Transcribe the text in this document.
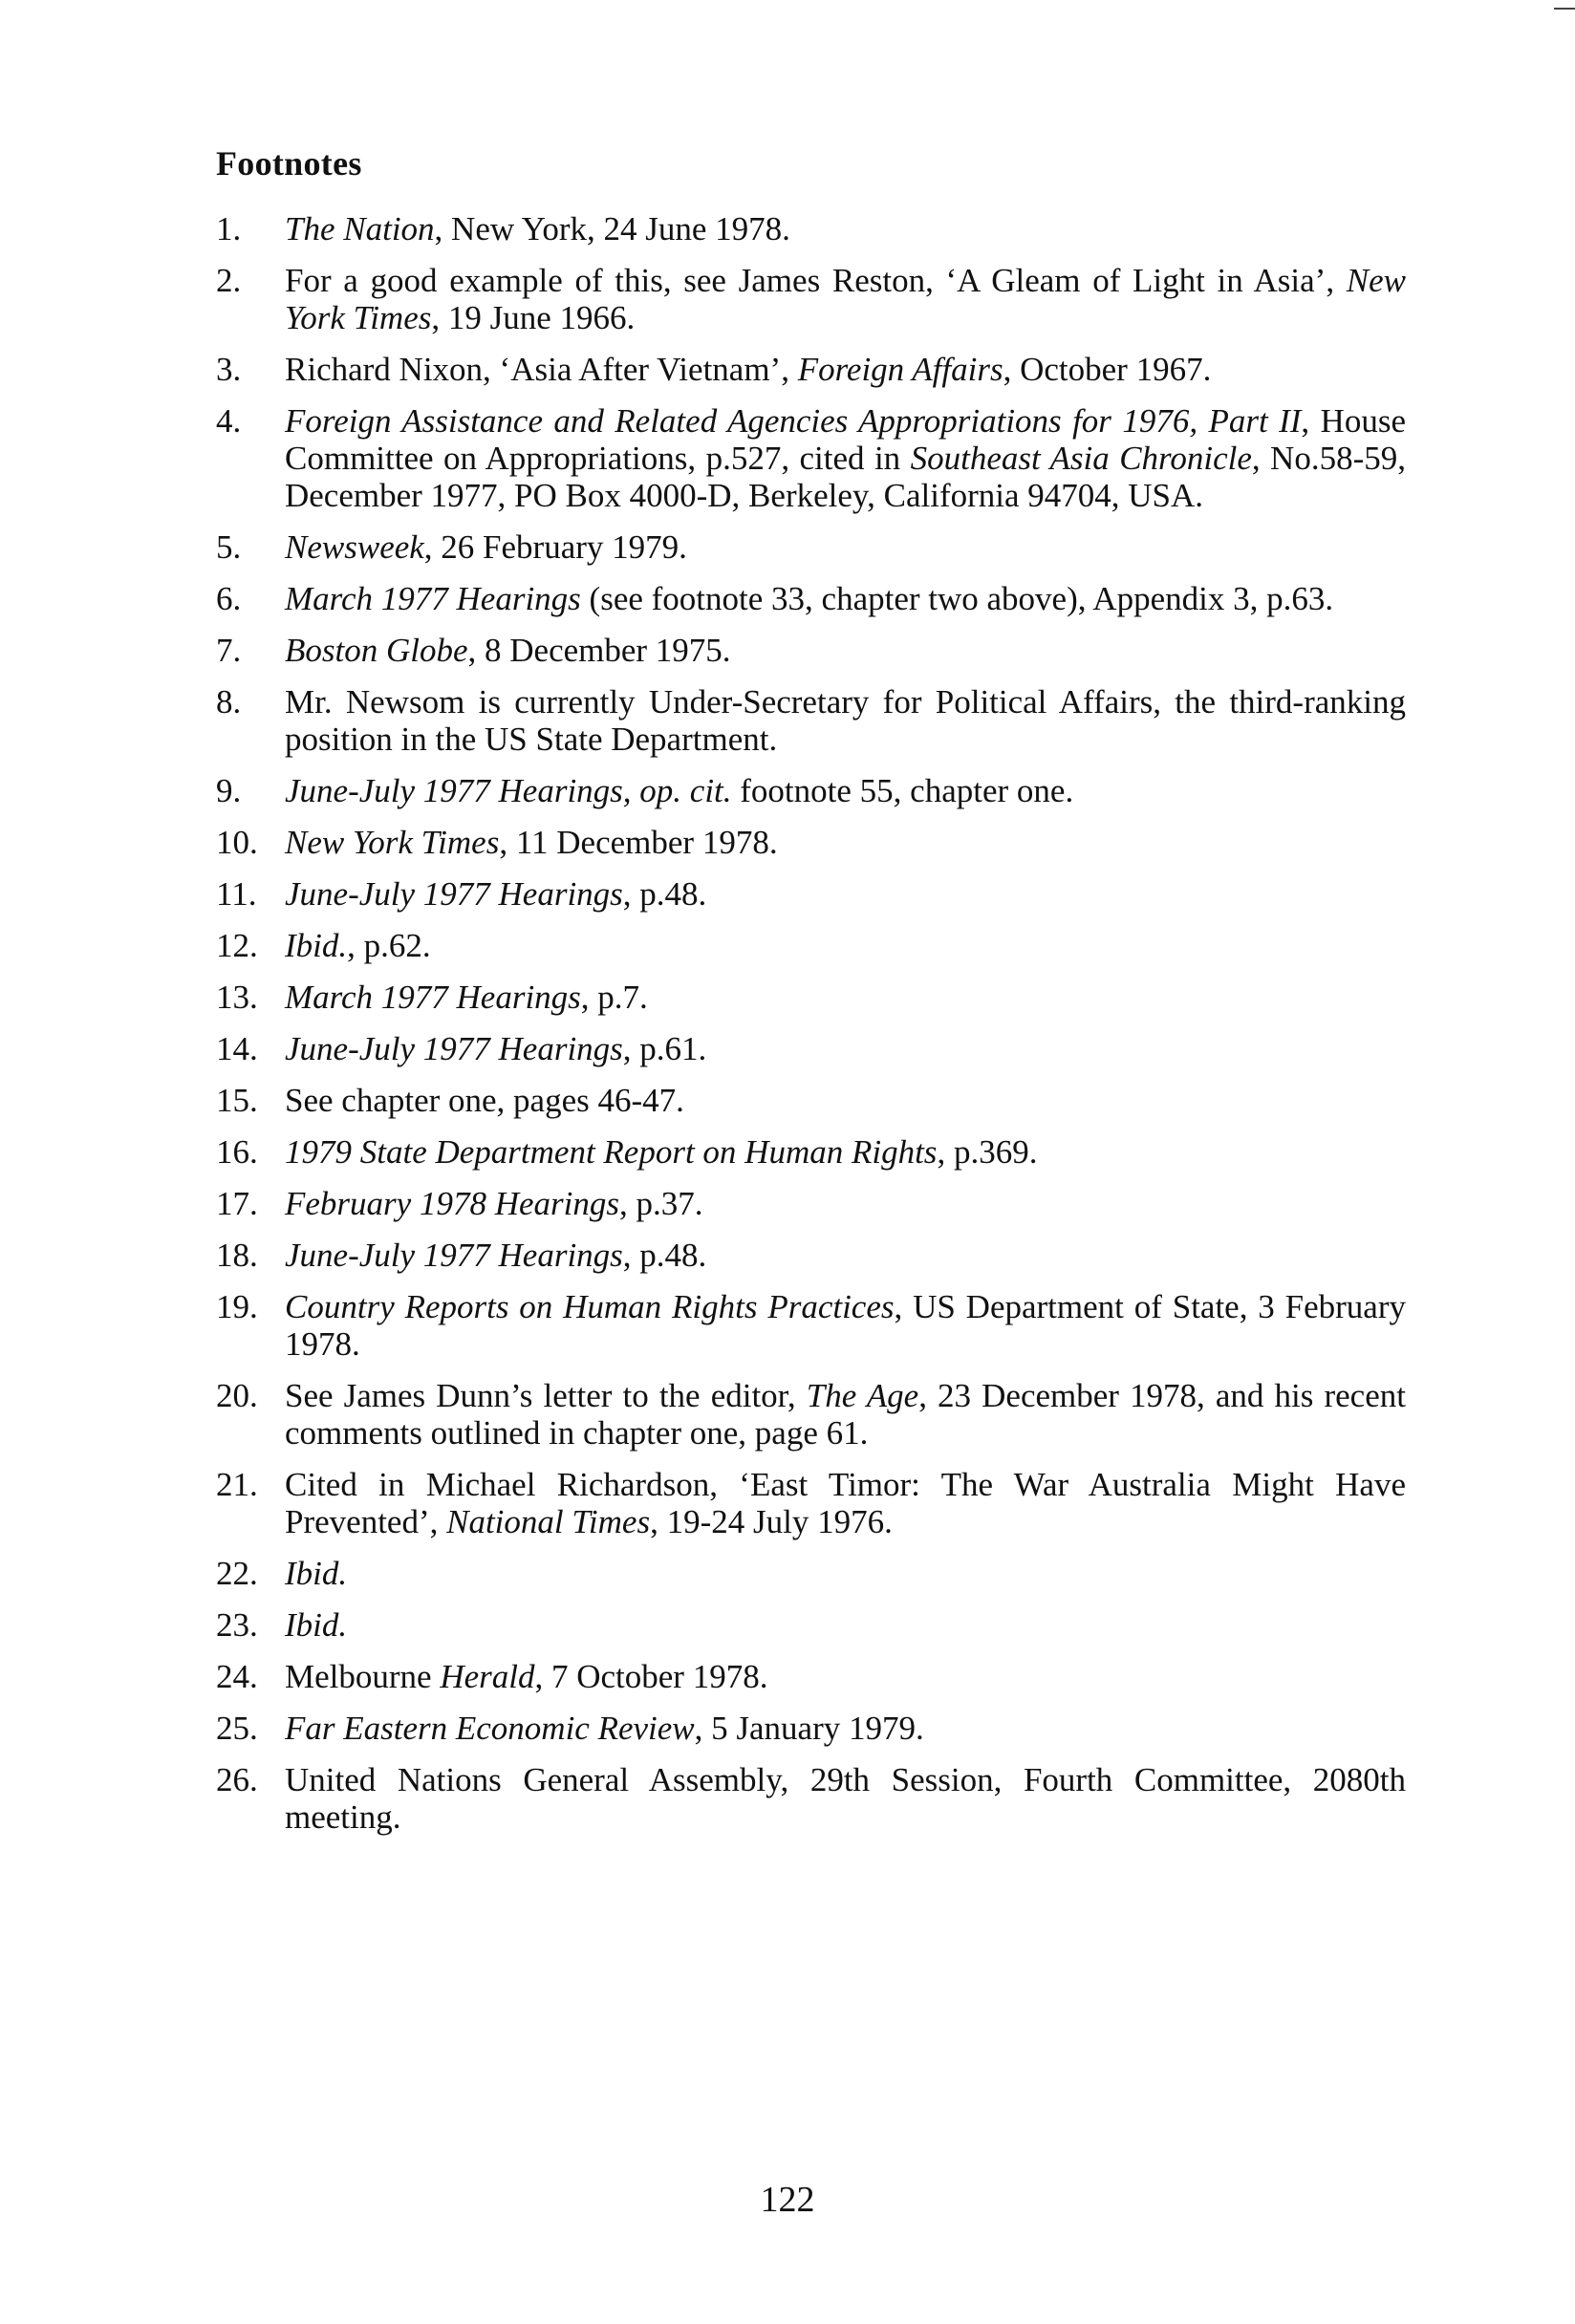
Footnotes
1.	The Nation, New York, 24 June 1978.
2.	For a good example of this, see James Reston, ‘A Gleam of Light in Asia’, New York Times, 19 June 1966.
3.	Richard Nixon, ‘Asia After Vietnam’, Foreign Affairs, October 1967.
4.	Foreign Assistance and Related Agencies Appropriations for 1976, Part II, House Committee on Appropriations, p.527, cited in Southeast Asia Chronicle, No.58-59, December 1977, PO Box 4000-D, Berkeley, California 94704, USA.
5.	Newsweek, 26 February 1979.
6.	March 1977 Hearings (see footnote 33, chapter two above), Appendix 3, p.63.
7.	Boston Globe, 8 December 1975.
8.	Mr. Newsom is currently Under-Secretary for Political Affairs, the third-ranking position in the US State Department.
9.	June-July 1977 Hearings, op. cit. footnote 55, chapter one.
10. New York Times, 11 December 1978.
11. June-July 1977 Hearings, p.48.
12. Ibid., p.62.
13. March 1977 Hearings, p.7.
14. June-July 1977 Hearings, p.61.
15. See chapter one, pages 46-47.
16. 1979 State Department Report on Human Rights, p.369.
17. February 1978 Hearings, p.37.
18. June-July 1977 Hearings, p.48.
19. Country Reports on Human Rights Practices, US Department of State, 3 February 1978.
20. See James Dunn’s letter to the editor, The Age, 23 December 1978, and his recent comments outlined in chapter one, page 61.
21. Cited in Michael Richardson, ‘East Timor: The War Australia Might Have Prevented’, National Times, 19-24 July 1976.
22. Ibid.
23. Ibid.
24. Melbourne Herald, 7 October 1978.
25. Far Eastern Economic Review, 5 January 1979.
26. United Nations General Assembly, 29th Session, Fourth Committee, 2080th meeting.
122
